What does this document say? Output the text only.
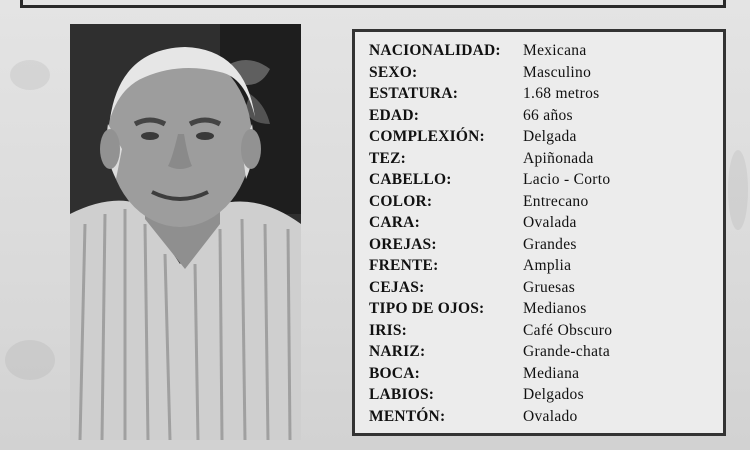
NACIONALIDAD: Mexicana
SEXO:	Masculino
ESTATURA:	1.68 metros
EDAD:	66 años
COMPLEXIÓN: Delgada
TEZ:	Apiñonada
CABELLO:	Lacio - Corto
COLOR:	Entrecano
CARA:	Ovalada
OREJAS:	Grandes
FRENTE:	Amplia
CEJAS:	Gruesas
TIPO DE OJOS: Medianos
IRIS:	Café Obscuro
NARIZ:	Grande-chata
BOCA:	Mediana
LABIOS:	Delgados
MENTÓN:	Ovalado
